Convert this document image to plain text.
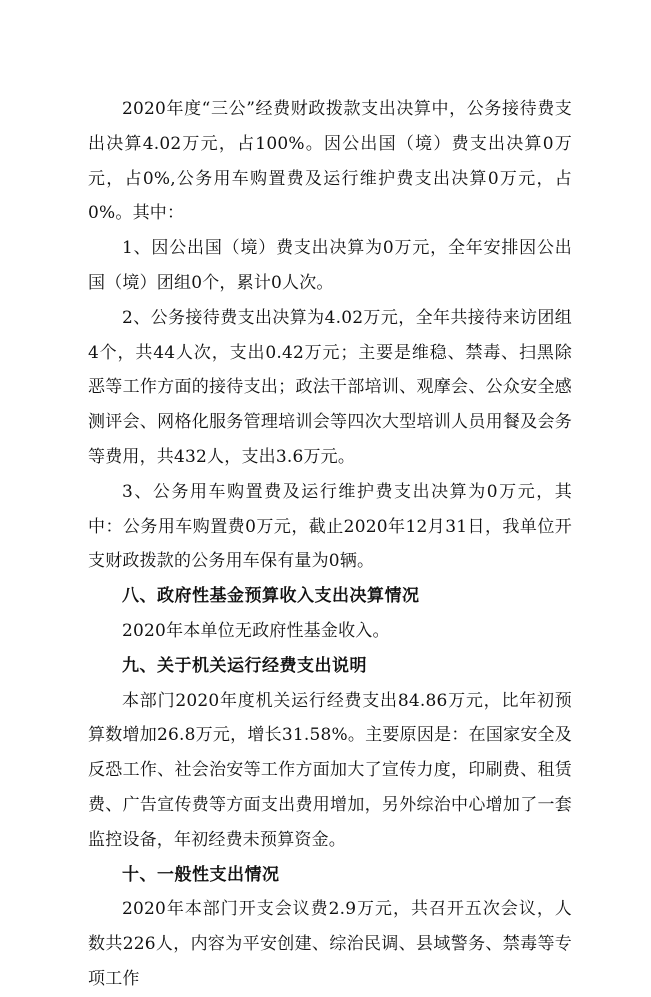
2020年度“三公”经费财政拨款支出决算中，公务接待费支出决算4.02万元，占100%。因公出国（境）费支出决算0万元，占0%,公务用车购置费及运行维护费支出决算0万元，占0%。其中：

1、因公出国（境）费支出决算为0万元，全年安排因公出国（境）团组0个，累计0人次。

2、公务接待费支出决算为4.02万元，全年共接待来访团组4个，共44人次，支出0.42万元；主要是维稳、禁毒、扫黑除恶等工作方面的接待支出；政法干部培训、观摩会、公众安全感测评会、网格化服务管理培训会等四次大型培训人员用餐及会务等费用，共432人，支出3.6万元。

3、公务用车购置费及运行维护费支出决算为0万元，其中：公务用车购置费0万元，截止2020年12月31日，我单位开支财政拨款的公务用车保有量为0辆。

八、政府性基金预算收入支出决算情况

2020年本单位无政府性基金收入。

九、关于机关运行经费支出说明

本部门2020年度机关运行经费支出84.86万元，比年初预算数增加26.8万元，增长31.58%。主要原因是：在国家安全及反恐工作、社会治安等工作方面加大了宣传力度，印刷费、租赁费、广告宣传费等方面支出费用增加，另外综治中心增加了一套监控设备，年初经费未预算资金。

十、一般性支出情况

2020年本部门开支会议费2.9万元，共召开五次会议，人数共226人，内容为平安创建、综治民调、县域警务、禁毒等专项工作
